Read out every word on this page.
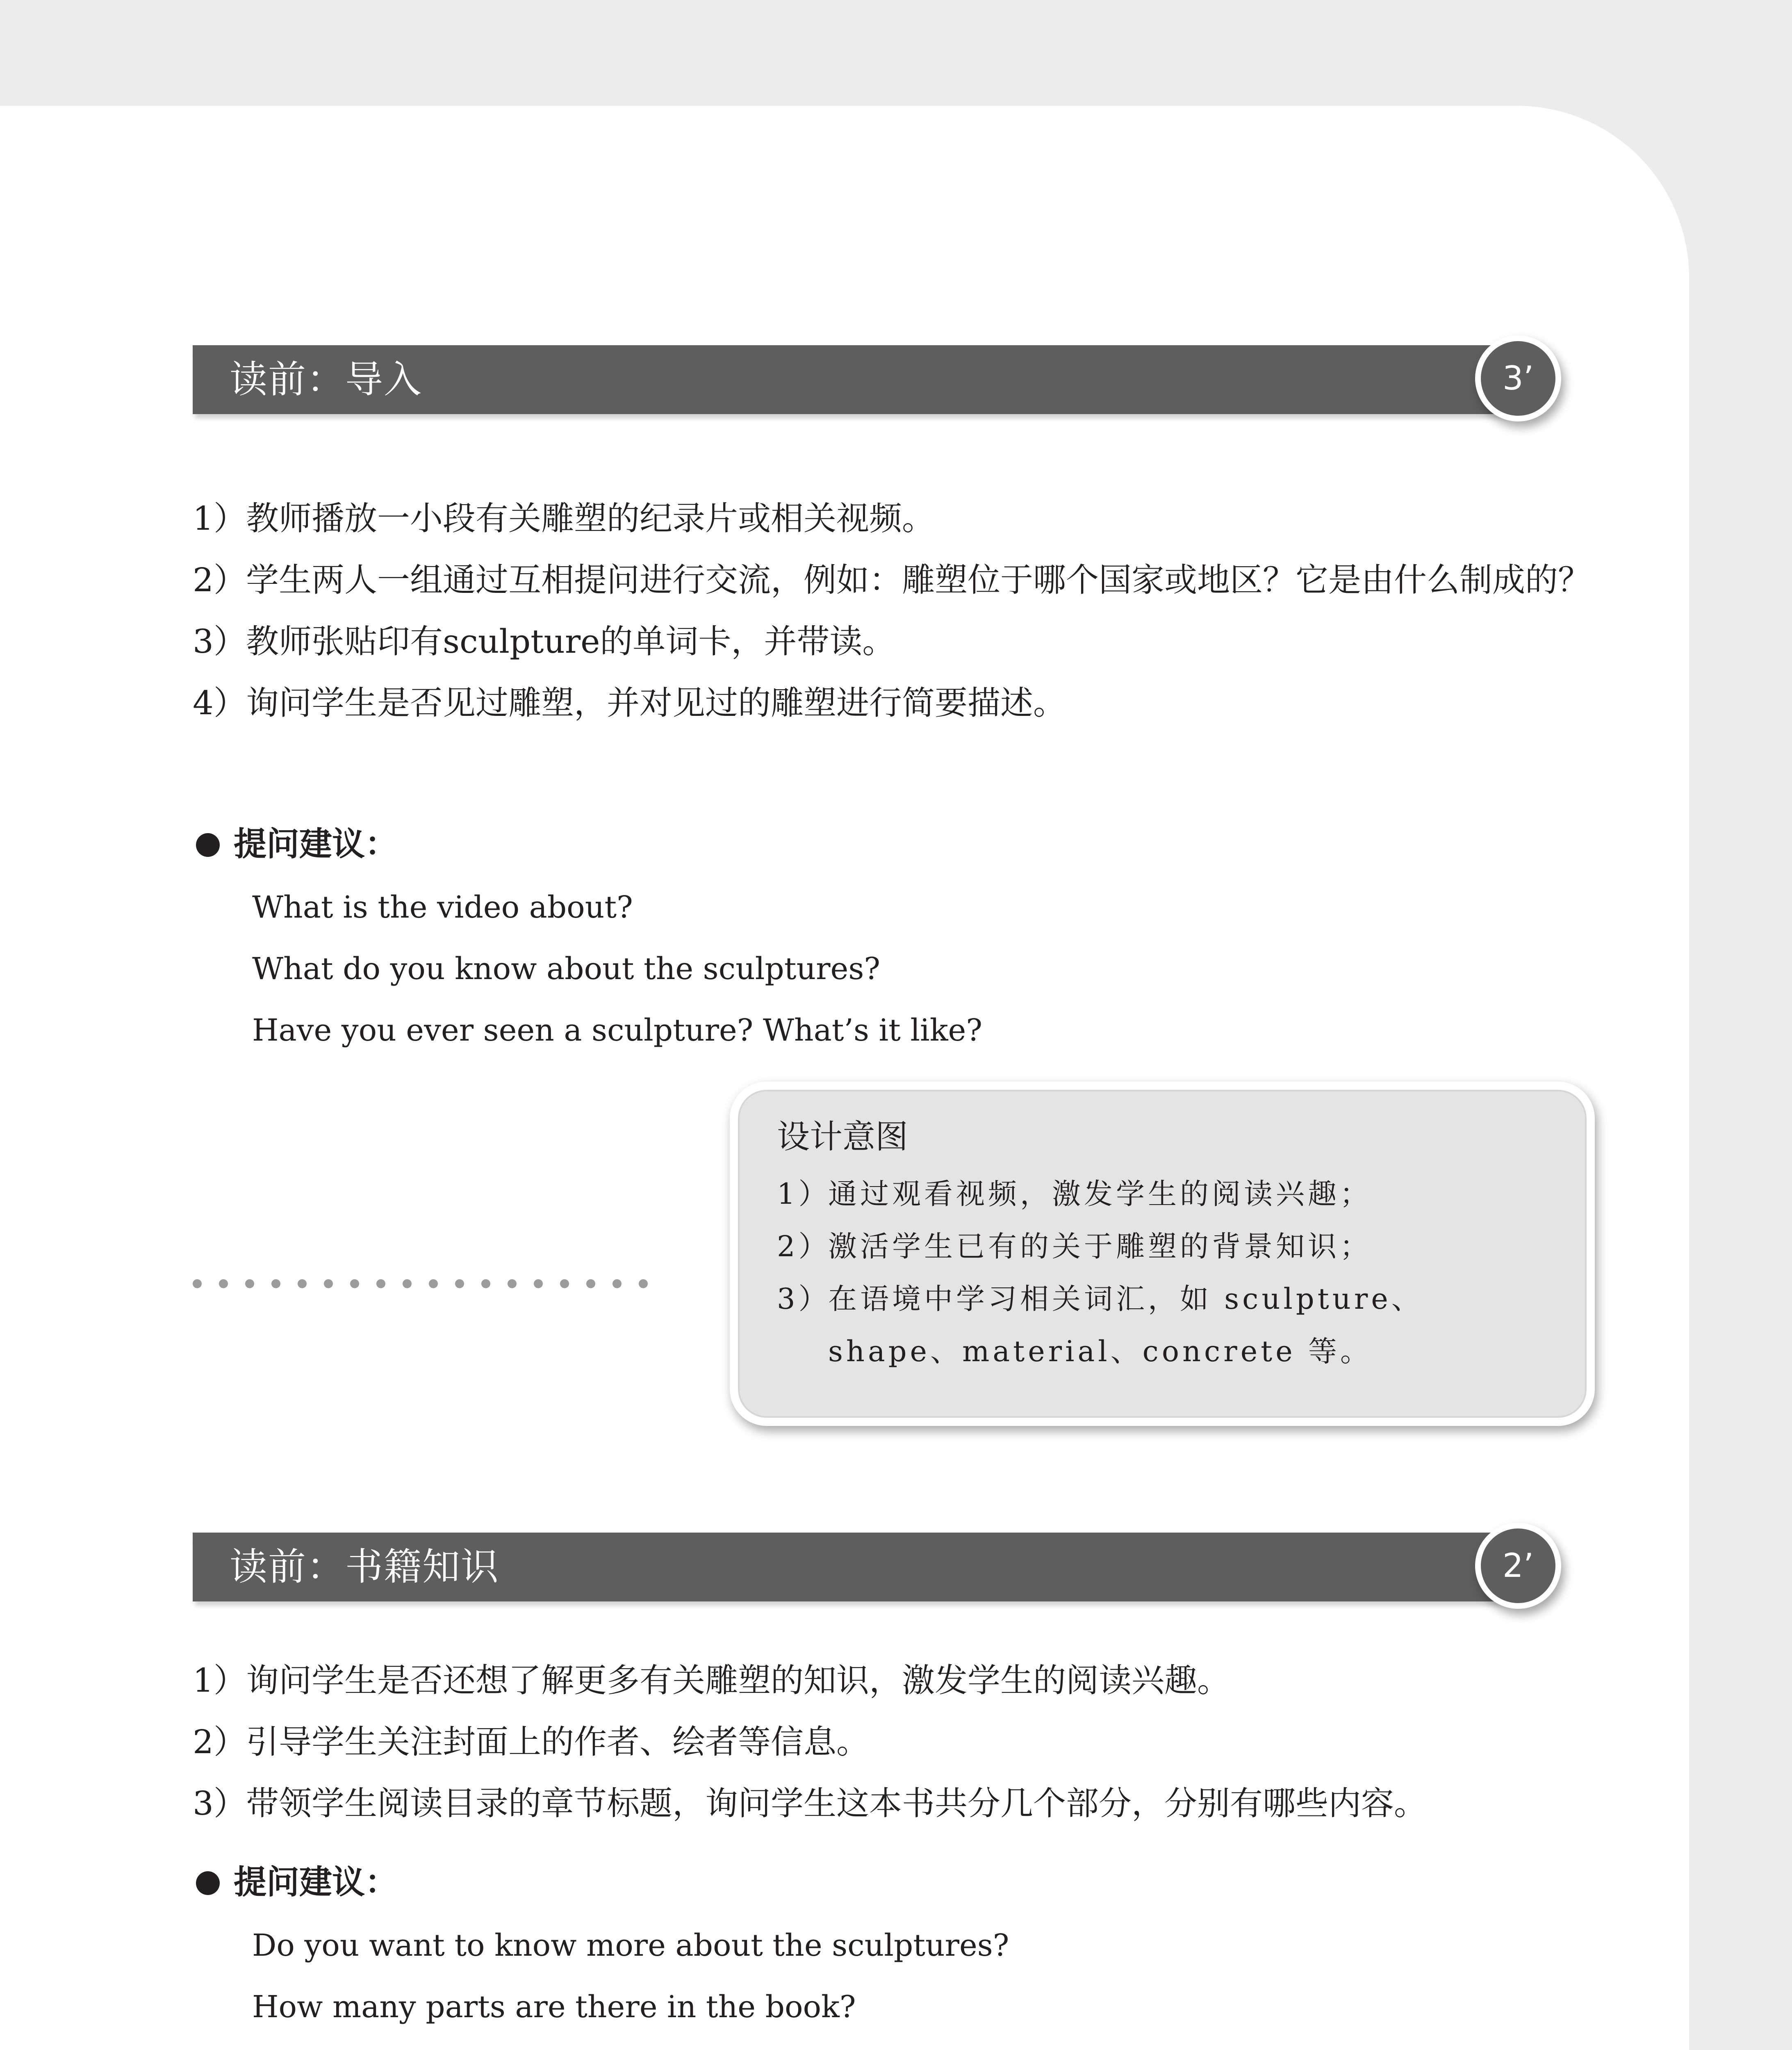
读前：导入	3’
1） 教师播放一小段有关雕塑的纪录片或相关视频。
2） 学生两人一组通过互相提问进行交流，例如：雕塑位于哪个国家或地区？它是由什么制成的？
3） 教师张贴印有sculpture的单词卡，并带读。
4） 询问学生是否见过雕塑，并对见过的雕塑进行简要描述。
提问建议：
What is the video about?
What do you know about the sculptures?
Have you ever seen a sculpture? What’s it like?
设计意图
1）
通过观看视频，激发学生的阅读兴趣；
2）
激活学生已有的关于雕塑的背景知识；
3）
在语境中学习相关词汇，如 sculpture、shape、material、concrete 等。
读前：书籍知识	2’
1） 询问学生是否还想了解更多有关雕塑的知识，激发学生的阅读兴趣。
2） 引导学生关注封面上的作者、绘者等信息。
3） 带领学生阅读目录的章节标题，询问学生这本书共分几个部分，分别有哪些内容。
提问建议：
Do you want to know more about the sculptures?
How many parts are there in the book?
